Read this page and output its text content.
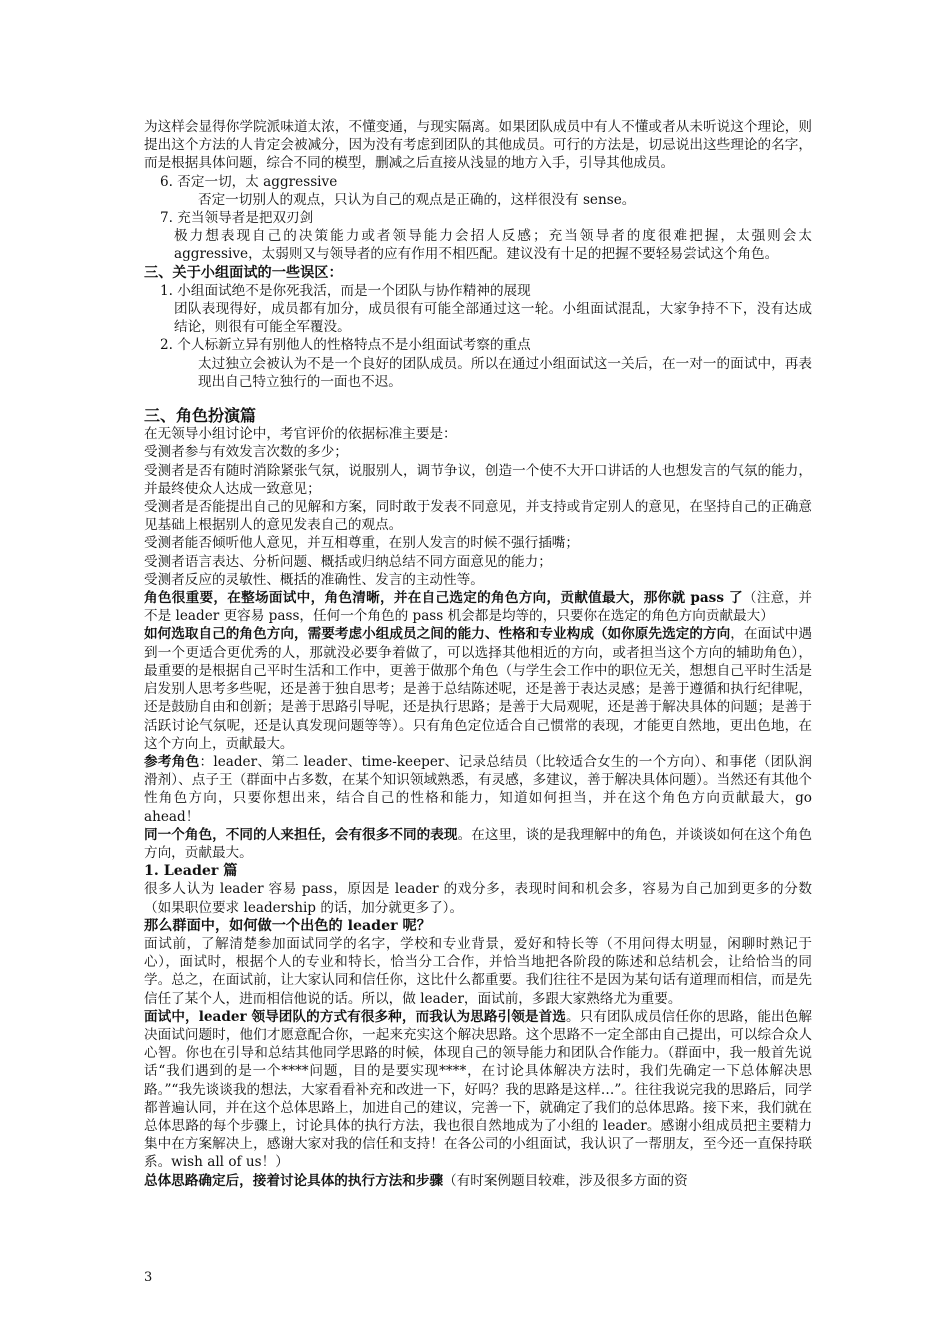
为这样会显得你学院派味道太浓，不懂变通，与现实隔离。如果团队成员中有人不懂或者从未听说这个理论，则提出这个方法的人肯定会被减分，因为没有考虑到团队的其他成员。可行的方法是，切忌说出这些理论的名字，而是根据具体问题，综合不同的模型，删减之后直接从浅显的地方入手，引导其他成员。

6. 否定一切，太 aggressive

否定一切别人的观点，只认为自己的观点是正确的，这样很没有 sense。

7. 充当领导者是把双刃剑

极力想表现自己的决策能力或者领导能力会招人反感；充当领导者的度很难把握，太强则会太 aggressive，太弱则又与领导者的应有作用不相匹配。建议没有十足的把握不要轻易尝试这个角色。

三、关于小组面试的一些误区：

1. 小组面试绝不是你死我活，而是一个团队与协作精神的展现

团队表现得好，成员都有加分，成员很有可能全部通过这一轮。小组面试混乱，大家争持不下，没有达成结论，则很有可能全军覆没。

2. 个人标新立异有别他人的性格特点不是小组面试考察的重点

太过独立会被认为不是一个良好的团队成员。所以在通过小组面试这一关后，在一对一的面试中，再表现出自己特立独行的一面也不迟。

三、角色扮演篇

在无领导小组讨论中，考官评价的依据标准主要是：

受测者参与有效发言次数的多少；

受测者是否有随时消除紧张气氛，说服别人，调节争议，创造一个使不大开口讲话的人也想发言的气氛的能力，并最终使众人达成一致意见；

受测者是否能提出自己的见解和方案，同时敢于发表不同意见，并支持或肯定别人的意见，在坚持自己的正确意见基础上根据别人的意见发表自己的观点。

受测者能否倾听他人意见，并互相尊重，在别人发言的时候不强行插嘴；

受测者语言表达、分析问题、概括或归纳总结不同方面意见的能力；

受测者反应的灵敏性、概括的准确性、发言的主动性等。

角色很重要，在整场面试中，角色清晰，并在自己选定的角色方向，贡献值最大，那你就 pass 了（注意，并不是 leader 更容易 pass，任何一个角色的 pass 机会都是均等的，只要你在选定的角色方向贡献最大）

如何选取自己的角色方向，需要考虑小组成员之间的能力、性格和专业构成（如你原先选定的方向，在面试中遇到一个更适合更优秀的人，那就没必要争着做了，可以选择其他相近的方向，或者担当这个方向的辅助角色），最重要的是根据自己平时生活和工作中，更善于做那个角色（与学生会工作中的职位无关，想想自己平时生活是启发别人思考多些呢，还是善于独自思考；是善于总结陈述呢，还是善于表达灵感；是善于遵循和执行纪律呢，还是鼓励自由和创新；是善于思路引导呢，还是执行思路；是善于大局观呢，还是善于解决具体的问题；是善于活跃讨论气氛呢，还是认真发现问题等等）。只有角色定位适合自己惯常的表现，才能更自然地，更出色地，在这个方向上，贡献最大。

参考角色：leader、第二 leader、time-keeper、记录总结员（比较适合女生的一个方向）、和事佬（团队润滑剂）、点子王（群面中占多数，在某个知识领域熟悉，有灵感，多建议，善于解决具体问题）。当然还有其他个性角色方向，只要你想出来，结合自己的性格和能力，知道如何担当，并在这个角色方向贡献最大，go ahead！

同一个角色，不同的人来担任，会有很多不同的表现。在这里，谈的是我理解中的角色，并谈谈如何在这个角色方向，贡献最大。

1. Leader 篇

很多人认为 leader 容易 pass，原因是 leader 的戏分多，表现时间和机会多，容易为自己加到更多的分数（如果职位要求 leadership 的话，加分就更多了）。

那么群面中，如何做一个出色的 leader 呢？

面试前，了解清楚参加面试同学的名字，学校和专业背景，爱好和特长等（不用问得太明显，闲聊时熟记于心），面试时，根据个人的专业和特长，恰当分工合作，并恰当地把各阶段的陈述和总结机会，让给恰当的同学。总之，在面试前，让大家认同和信任你，这比什么都重要。我们往往不是因为某句话有道理而相信，而是先信任了某个人，进而相信他说的话。所以，做 leader，面试前，多跟大家熟络尤为重要。

面试中，leader 领导团队的方式有很多种，而我认为思路引领是首选。只有团队成员信任你的思路，能出色解决面试问题时，他们才愿意配合你，一起来充实这个解决思路。这个思路不一定全部由自己提出，可以综合众人心智。你也在引导和总结其他同学思路的时候，体现自己的领导能力和团队合作能力。（群面中，我一般首先说话“我们遇到的是一个****问题，目的是要实现****，在讨论具体解决方法时，我们先确定一下总体解决思路。”“我先谈谈我的想法，大家看看补充和改进一下，好吗？我的思路是这样…”。往往我说完我的思路后，同学都普遍认同，并在这个总体思路上，加进自己的建议，完善一下，就确定了我们的总体思路。接下来，我们就在总体思路的每个步骤上，讨论具体的执行方法，我也很自然地成为了小组的 leader。感谢小组成员把主要精力集中在方案解决上，感谢大家对我的信任和支持！在各公司的小组面试，我认识了一帮朋友，至今还一直保持联系。wish all of us！）

总体思路确定后，接着讨论具体的执行方法和步骤（有时案例题目较难，涉及很多方面的资

3
